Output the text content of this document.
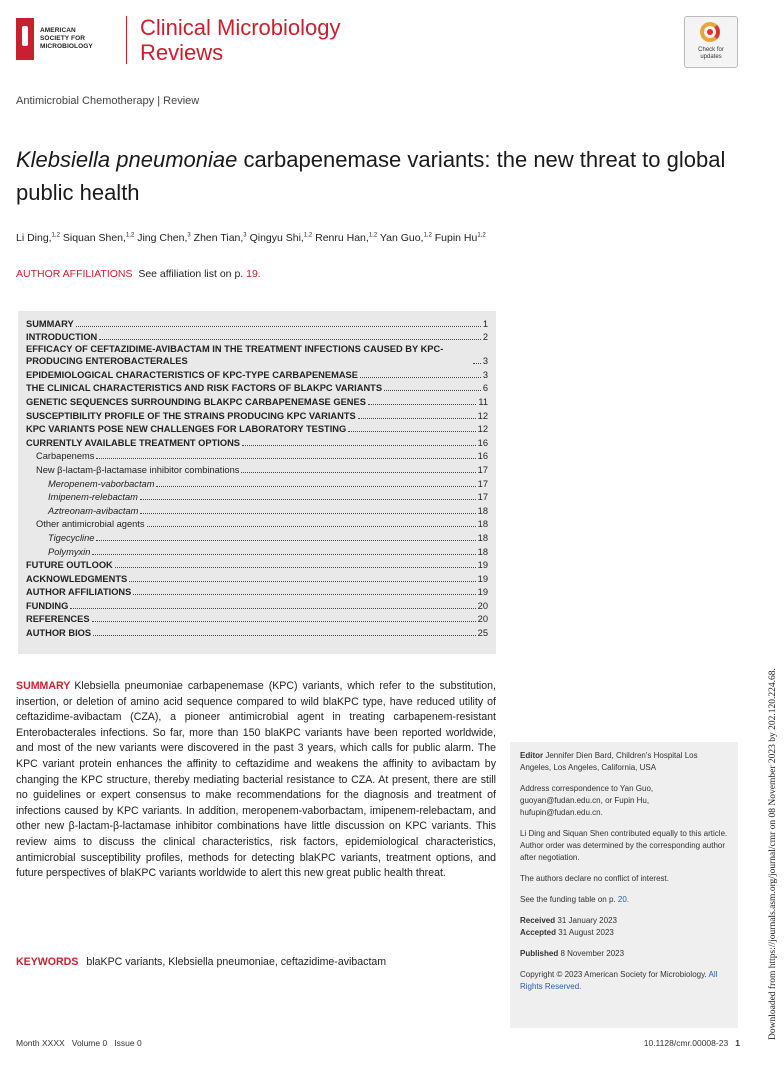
AMERICAN
SOCIETY FOR
MICROBIOLOGY
Clinical Microbiology
Reviews	Check for
updates
Antimicrobial Chemotherapy | Review
Klebsiella pneumoniae carbapenemase variants: the new threat to global public health
Li Ding,$^{1,2}$ Siquan Shen,$^{1,2}$ Jing Chen,$^3$ Zhen Tian,$^3$ Qingyu Shi,$^{1,2}$ Renru Han,$^{1,2}$ Yan Guo,$^{1,2}$ Fupin Hu$^{1,2}$
AUTHOR AFFILIATIONS See affiliation list on p. 19.
SUMMARY	1
INTRODUCTION	2
EFFICACY OF CEFTAZIDIME-AVIBACTAM IN THE TREATMENT INFECTIONS CAUSED BY KPC-PRODUCING ENTEROBACTERALES	3
EPIDEMIOLOGICAL CHARACTERISTICS OF KPC-TYPE CARBAPENEMASE	3
THE CLINICAL CHARACTERISTICS AND RISK FACTORS OF BLAKPC VARIANTS	6
GENETIC SEQUENCES SURROUNDING BLAKPC CARBAPENEMASE GENES	11
SUSCEPTIBILITY PROFILE OF THE STRAINS PRODUCING KPC VARIANTS	12
KPC VARIANTS POSE NEW CHALLENGES FOR LABORATORY TESTING	12
CURRENTLY AVAILABLE TREATMENT OPTIONS	16
Carbapenems	16
New β-lactam-β-lactamase inhibitor combinations	17
Meropenem-vaborbactam	17
Imipenem-relebactam	17
Aztreonam-avibactam	18
Other antimicrobial agents	18
Tigecycline	18
Polymyxin	18
FUTURE OUTLOOK	19
ACKNOWLEDGMENTS	19
AUTHOR AFFILIATIONS	19
FUNDING	20
REFERENCES	20
AUTHOR BIOS	25
SUMMARY Klebsiella pneumoniae carbapenemase (KPC) variants, which refer to the substitution, insertion, or deletion of amino acid sequence compared to wild blaKPC type, have reduced utility of ceftazidime-avibactam (CZA), a pioneer antimicrobial agent in treating carbapenem-resistant Enterobacterales infections. So far, more than 150 blaKPC variants have been reported worldwide, and most of the new variants were discovered in the past 3 years, which calls for public alarm. The KPC variant protein enhances the affinity to ceftazidime and weakens the affinity to avibactam by changing the KPC structure, thereby mediating bacterial resistance to CZA. At present, there are still no guidelines or expert consensus to make recommendations for the diagnosis and treatment of infections caused by KPC variants. In addition, meropenem-vaborbactam, imipenem-relebactam, and other new β-lactam-β-lactamase inhibitor combinations have little discussion on KPC variants. This review aims to discuss the clinical characteristics, risk factors, epidemiological characteristics, antimicrobial susceptibility profiles, methods for detecting blaKPC variants, treatment options, and future perspectives of blaKPC variants worldwide to alert this new great public health threat.
KEYWORDS blaKPC variants, Klebsiella pneumoniae, ceftazidime-avibactam

Editor Jennifer Dien Bard, Children's Hospital Los Angeles, Los Angeles, California, USA

Address correspondence to Yan Guo, guoyan@fudan.edu.cn, or Fupin Hu, hufupin@fudan.edu.cn.

Li Ding and Siquan Shen contributed equally to this article. Author order was determined by the corresponding author after negotiation.

The authors declare no conflict of interest.

See the funding table on p. 20.

Received 31 January 2023

Accepted 31 August 2023

Published 8 November 2023

Copyright © 2023 American Society for Microbiology. All Rights Reserved.

Month XXXX   Volume 0   Issue 0	10.1128/cmr.00008-23 1
Downloaded from https://journals.asm.org/journal/cmr on 08 November 2023 by 202.120.224.68.
